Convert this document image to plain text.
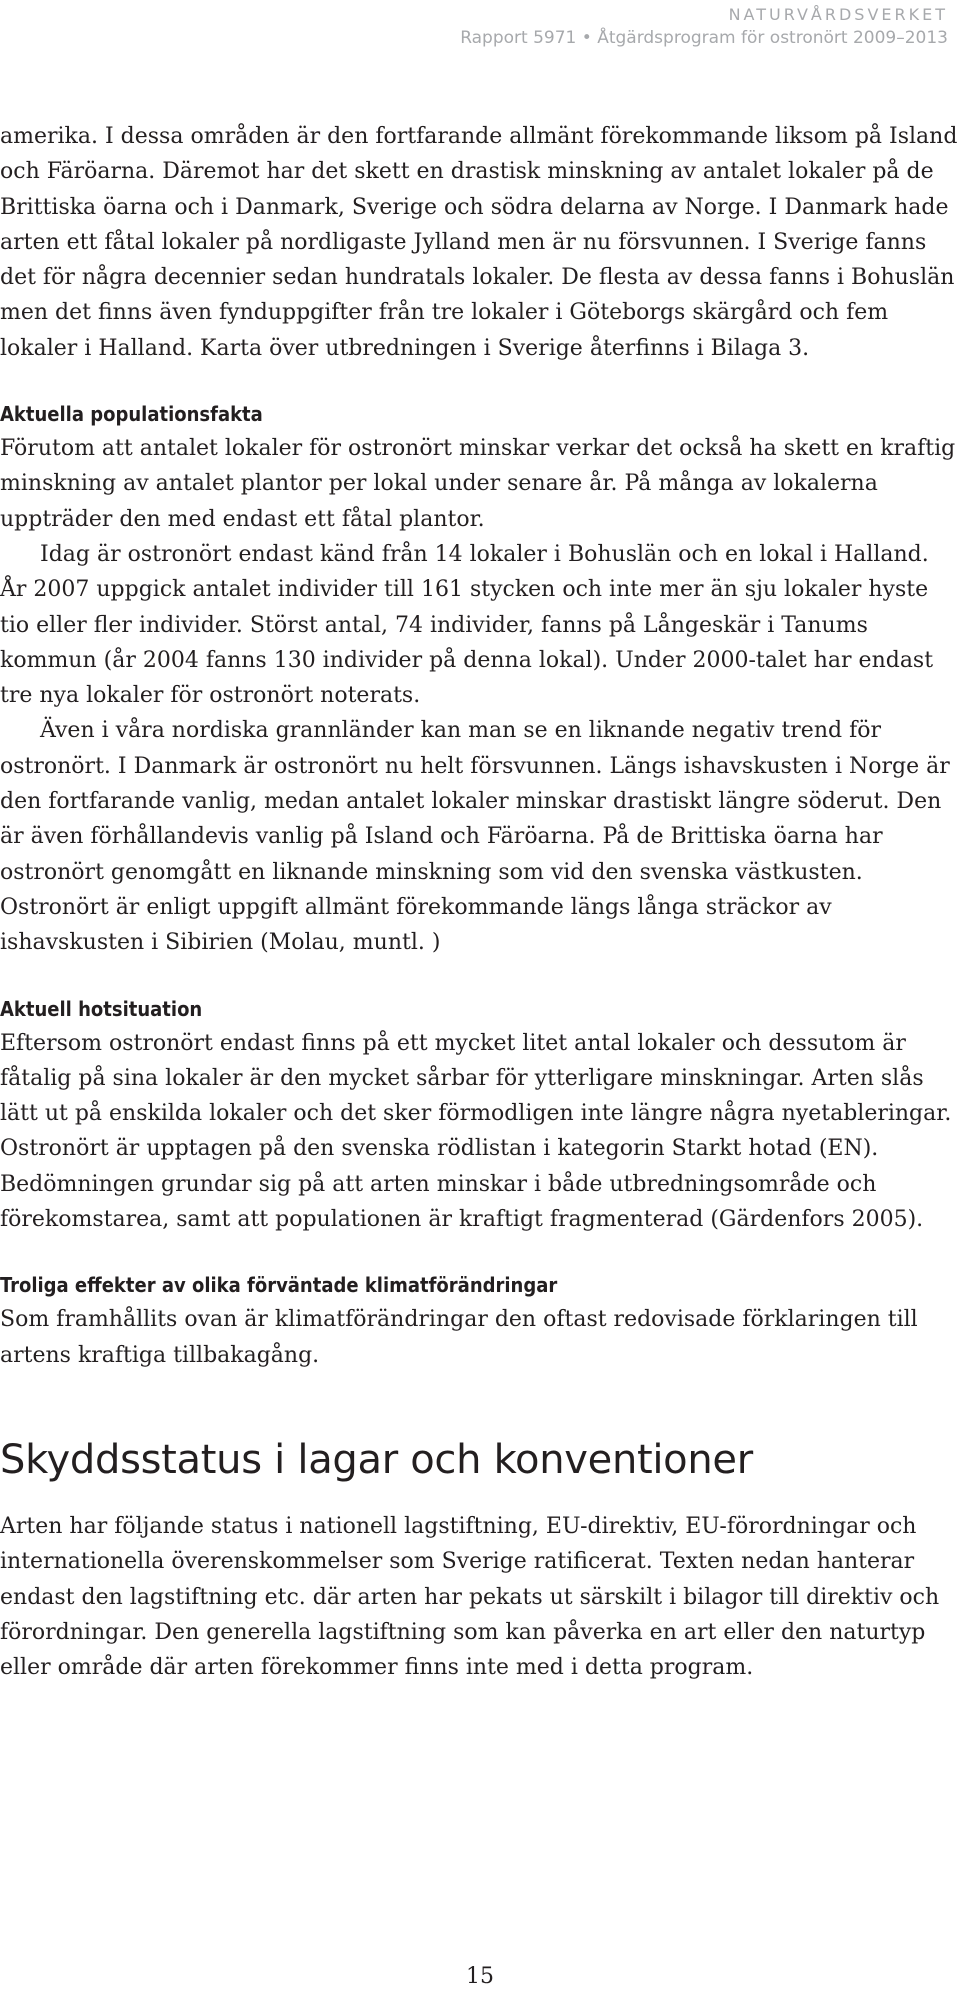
NATURVÅRDSVERKET
Rapport 5971 • Åtgärdsprogram för ostronört 2009–2013

amerika. I dessa områden är den fortfarande allmänt förekommande liksom på Island och Färöarna. Däremot har det skett en drastisk minskning av antalet lokaler på de Brittiska öarna och i Danmark, Sverige och södra delarna av Norge. I Danmark hade arten ett fåtal lokaler på nordligaste Jylland men är nu försvunnen. I Sverige fanns det för några decennier sedan hundratals lokaler. De flesta av dessa fanns i Bohuslän men det finns även fynduppgifter från tre lokaler i Göteborgs skärgård och fem lokaler i Halland. Karta över utbredningen i Sverige återfinns i Bilaga 3.

Aktuella populationsfakta

Förutom att antalet lokaler för ostronört minskar verkar det också ha skett en kraftig minskning av antalet plantor per lokal under senare år. På många av lokalerna uppträder den med endast ett fåtal plantor.

Idag är ostronört endast känd från 14 lokaler i Bohuslän och en lokal i Halland. År 2007 uppgick antalet individer till 161 stycken och inte mer än sju lokaler hyste tio eller fler individer. Störst antal, 74 individer, fanns på Långeskär i Tanums kommun (år 2004 fanns 130 individer på denna lokal). Under 2000-talet har endast tre nya lokaler för ostronört noterats.

Även i våra nordiska grannländer kan man se en liknande negativ trend för ostronört. I Danmark är ostronört nu helt försvunnen. Längs ishavskusten i Norge är den fortfarande vanlig, medan antalet lokaler minskar drastiskt längre söderut. Den är även förhållandevis vanlig på Island och Färöarna. På de Brittiska öarna har ostronört genomgått en liknande minskning som vid den svenska västkusten. Ostronört är enligt uppgift allmänt förekommande längs långa sträckor av ishavskusten i Sibirien (Molau, muntl. )

Aktuell hotsituation

Eftersom ostronört endast finns på ett mycket litet antal lokaler och dessutom är fåtalig på sina lokaler är den mycket sårbar för ytterligare minskningar. Arten slås lätt ut på enskilda lokaler och det sker förmodligen inte längre några nyetableringar. Ostronört är upptagen på den svenska rödlistan i kategorin Starkt hotad (EN). Bedömningen grundar sig på att arten minskar i både utbredningsområde och förekomstarea, samt att populationen är kraftigt fragmenterad (Gärdenfors 2005).

Troliga effekter av olika förväntade klimatförändringar

Som framhållits ovan är klimatförändringar den oftast redovisade förklaringen till artens kraftiga tillbakagång.

Skyddsstatus i lagar och konventioner

Arten har följande status i nationell lagstiftning, EU-direktiv, EU-förordningar och internationella överenskommelser som Sverige ratificerat. Texten nedan hanterar endast den lagstiftning etc. där arten har pekats ut särskilt i bilagor till direktiv och förordningar. Den generella lagstiftning som kan påverka en art eller den naturtyp eller område där arten förekommer finns inte med i detta program.

15
